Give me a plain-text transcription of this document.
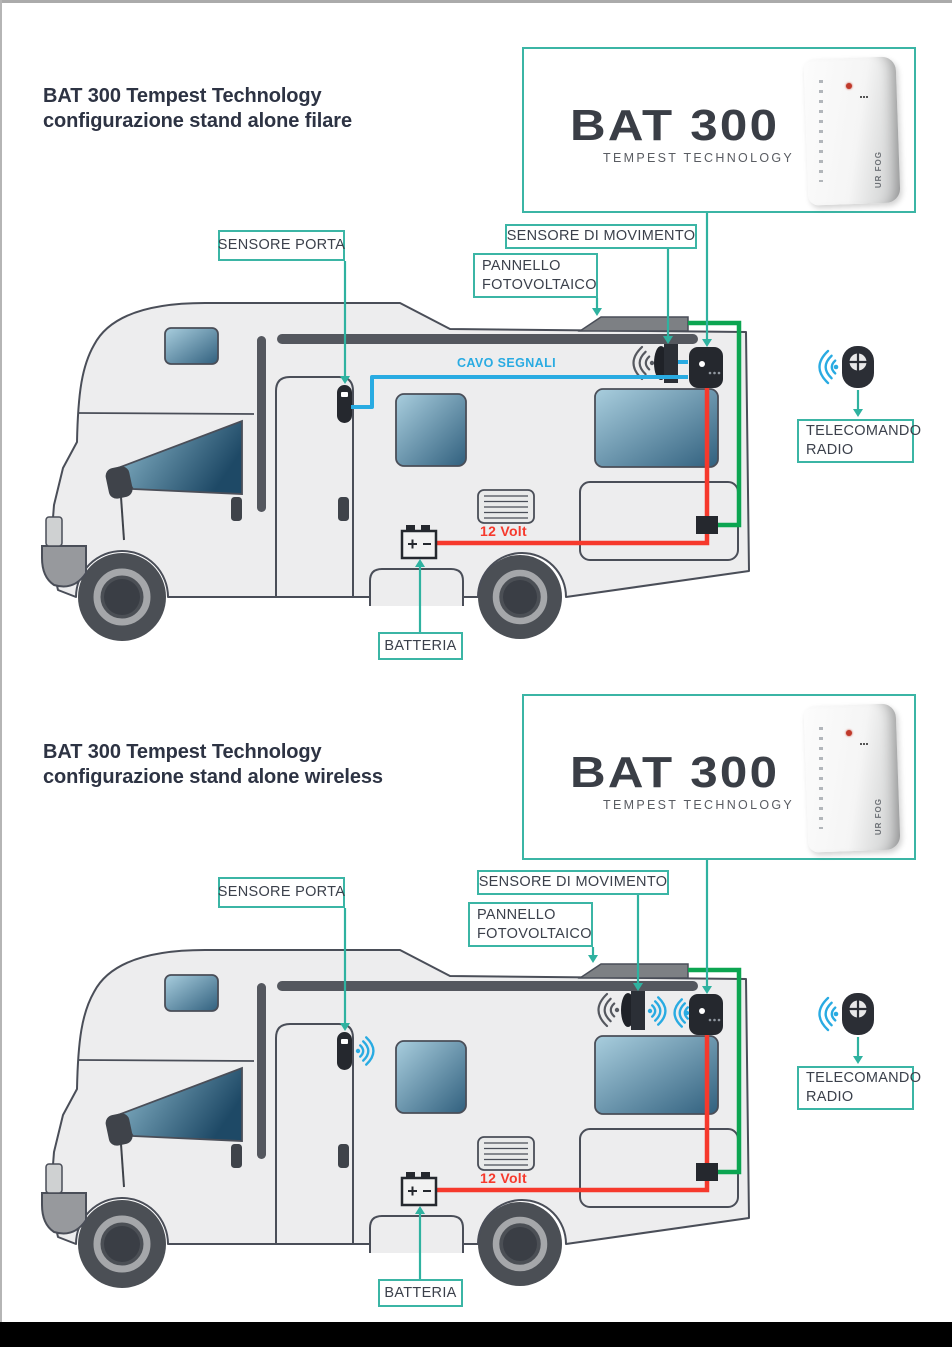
BAT 300 Tempest Technology
configurazione stand alone filare	BAT 300
TEMPEST TECHNOLOGY	UR FOG
SENSORE PORTA
SENSORE DI MOVIMENTO
PANNELLO
FOTOVOLTAICO
TELECOMANDO
RADIO
BATTERIA
CAVO SEGNALI
12 Volt
BAT 300 Tempest Technology
configurazione stand alone wireless	BAT 300
TEMPEST TECHNOLOGY	UR FOG
SENSORE PORTA
SENSORE DI MOVIMENTO
PANNELLO
FOTOVOLTAICO
TELECOMANDO
RADIO
BATTERIA
12 Volt
